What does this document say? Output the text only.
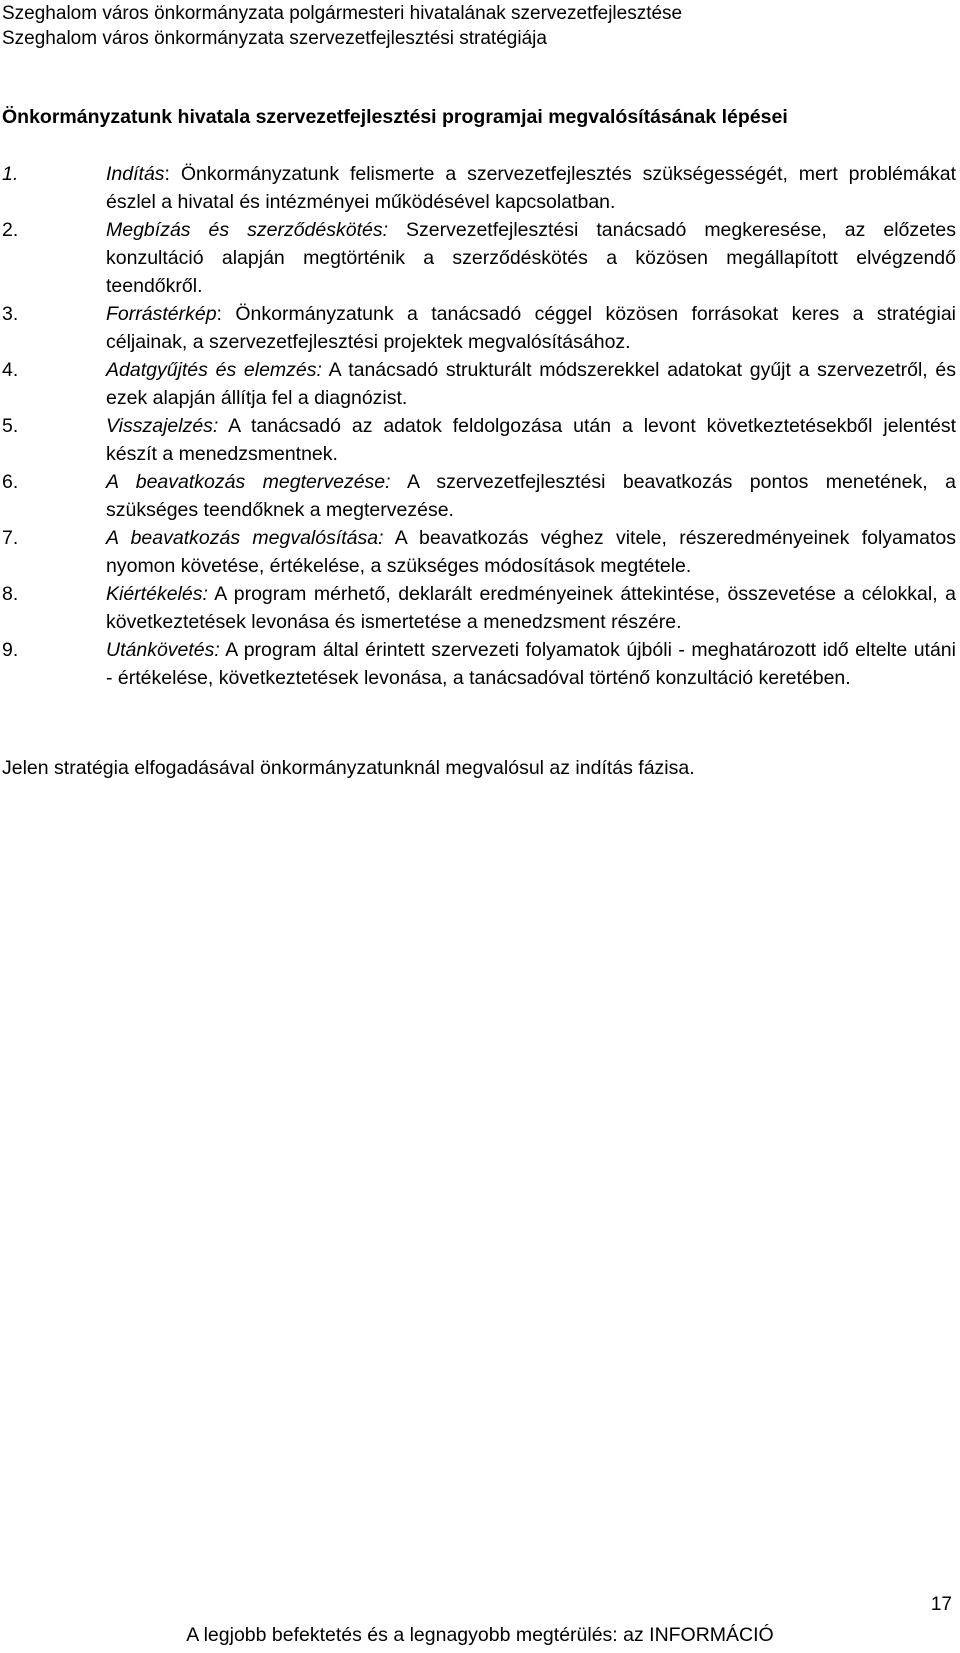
Szeghalom város önkormányzata polgármesteri hivatalának szervezetfejlesztése
Szeghalom város önkormányzata szervezetfejlesztési stratégiája
Önkormányzatunk hivatala szervezetfejlesztési programjai megvalósításának lépései
1.	Indítás: Önkormányzatunk felismerte a szervezetfejlesztés szükségességét, mert problémákat
észlel a hivatal és intézményei működésével kapcsolatban.
2.	Megbízás és szerződéskötés: Szervezetfejlesztési tanácsadó megkeresése, az előzetes
konzultáció alapján megtörténik a szerződéskötés a közösen megállapított elvégzendő
teendőkről.
3.	Forrástérkép: Önkormányzatunk a tanácsadó céggel közösen forrásokat keres a stratégiai
céljainak, a szervezetfejlesztési projektek megvalósításához.
4.	Adatgyűjtés és elemzés: A tanácsadó strukturált módszerekkel adatokat gyűjt a szervezetről, és
ezek alapján állítja fel a diagnózist.
5.	Visszajelzés: A tanácsadó az adatok feldolgozása után a levont következtetésekből jelentést
készít a menedzsmentnek.
6.	A beavatkozás megtervezése: A szervezetfejlesztési beavatkozás pontos menetének, a
szükséges teendőknek a megtervezése.
7.	A beavatkozás megvalósítása: A beavatkozás véghez vitele, részeredményeinek folyamatos
nyomon követése, értékelése, a szükséges módosítások megtétele.
8.	Kiértékelés: A program mérhető, deklarált eredményeinek áttekintése, összevetése a célokkal, a
következtetések levonása és ismertetése a menedzsment részére.
9.	Utánkövetés: A program által érintett szervezeti folyamatok újbóli - meghatározott idő eltelte utáni
- értékelése, következtetések levonása, a tanácsadóval történő konzultáció keretében.
Jelen stratégia elfogadásával önkormányzatunknál megvalósul az indítás fázisa.
17
A legjobb befektetés és a legnagyobb megtérülés: az INFORMÁCIÓ
